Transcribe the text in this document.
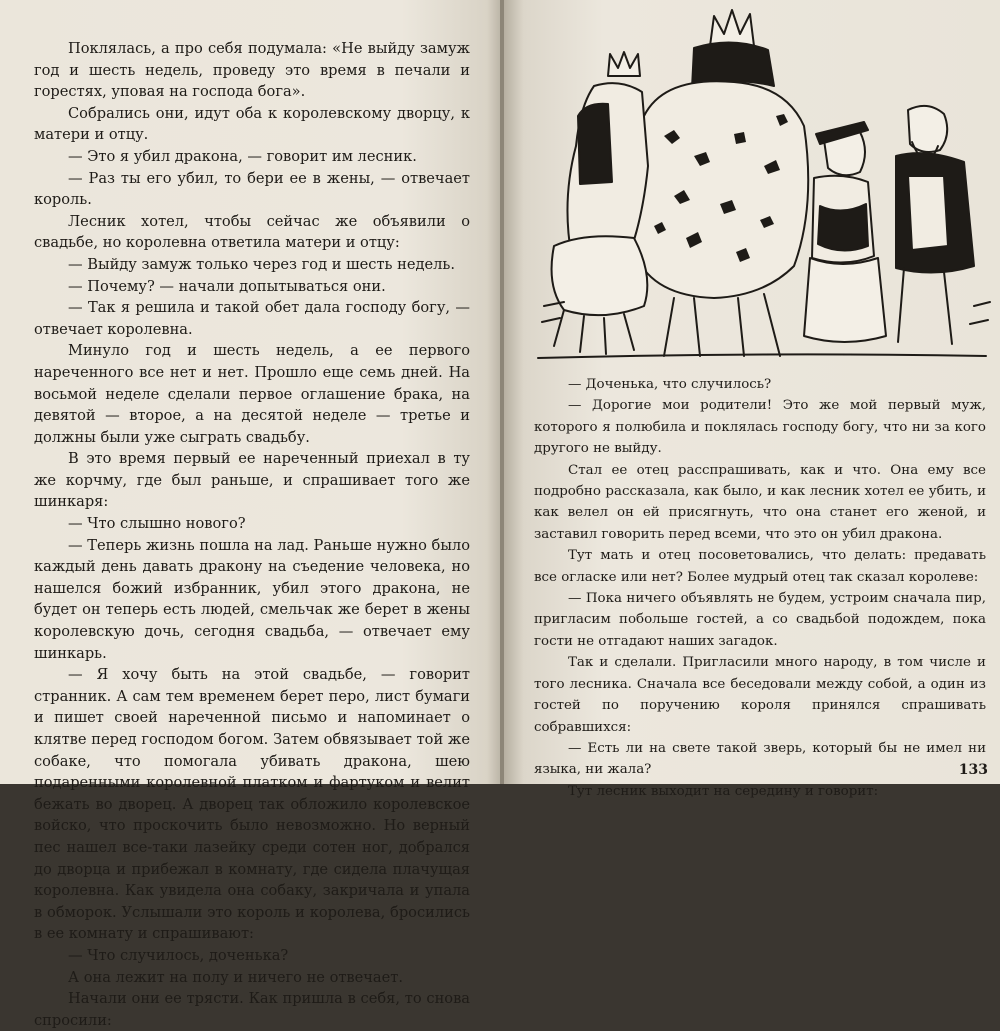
Поклялась, а про себя подумала: «Не выйду замуж год и шесть недель, проведу это время в печали и горестях, уповая на господа бога».

Собрались они, идут оба к королевскому дворцу, к матери и отцу.

— Это я убил дракона, — говорит им лесник.

— Раз ты его убил, то бери ее в жены, — отвечает король.

Лесник хотел, чтобы сейчас же объявили о свадьбе, но королевна ответила матери и отцу:

— Выйду замуж только через год и шесть недель.

— Почему? — начали допытываться они.

— Так я решила и такой обет дала господу богу, — отвечает королевна.

Минуло год и шесть недель, а ее первого нареченного все нет и нет. Прошло еще семь дней. На восьмой неделе сделали первое оглашение брака, на девятой — второе, а на десятой неделе — третье и должны были уже сыграть свадьбу.

В это время первый ее нареченный приехал в ту же корчму, где был раньше, и спрашивает того же шинкаря:

— Что слышно нового?

— Теперь жизнь пошла на лад. Раньше нужно было каждый день давать дракону на съедение человека, но нашелся божий избранник, убил этого дракона, не будет он теперь есть людей, смельчак же берет в жены королевскую дочь, сегодня свадьба, — отвечает ему шинкарь.

— Я хочу быть на этой свадьбе, — говорит странник. А сам тем временем берет перо, лист бумаги и пишет своей нареченной письмо и напоминает о клятве перед господом богом. Затем обвязывает той же собаке, что помогала убивать дракона, шею подаренными королевной платком и фартуком и велит бежать во дворец. А дворец так обложило королевское войско, что проскочить было невозможно. Но верный пес нашел все-таки лазейку среди сотен ног, добрался до дворца и прибежал в комнату, где сидела плачущая королевна. Как увидела она собаку, закричала и упала в обморок. Услышали это король и королева, бросились в ее комнату и спрашивают:

— Что случилось, доченька?

А она лежит на полу и ничего не отвечает.

Начали они ее трясти. Как пришла в себя, то снова спросили:

— Доченька, что случилось?

— Дорогие мои родители! Это же мой первый муж, которого я полюбила и поклялась господу богу, что ни за кого другого не выйду.

Стал ее отец расспрашивать, как и что. Она ему все подробно рассказала, как было, и как лесник хотел ее убить, и как велел он ей присягнуть, что она станет его женой, и заставил говорить перед всеми, что это он убил дракона.

Тут мать и отец посоветовались, что делать: предавать все огласке или нет? Более мудрый отец так сказал королеве:

— Пока ничего объявлять не будем, устроим сначала пир, пригласим побольше гостей, а со свадьбой подождем, пока гости не отгадают наших загадок.

Так и сделали. Пригласили много народу, в том числе и того лесника. Сначала все беседовали между собой, а один из гостей по поручению короля принялся спрашивать собравшихся:

— Есть ли на свете такой зверь, который бы не имел ни языка, ни жала?

Тут лесник выходит на середину и говорит:

133
